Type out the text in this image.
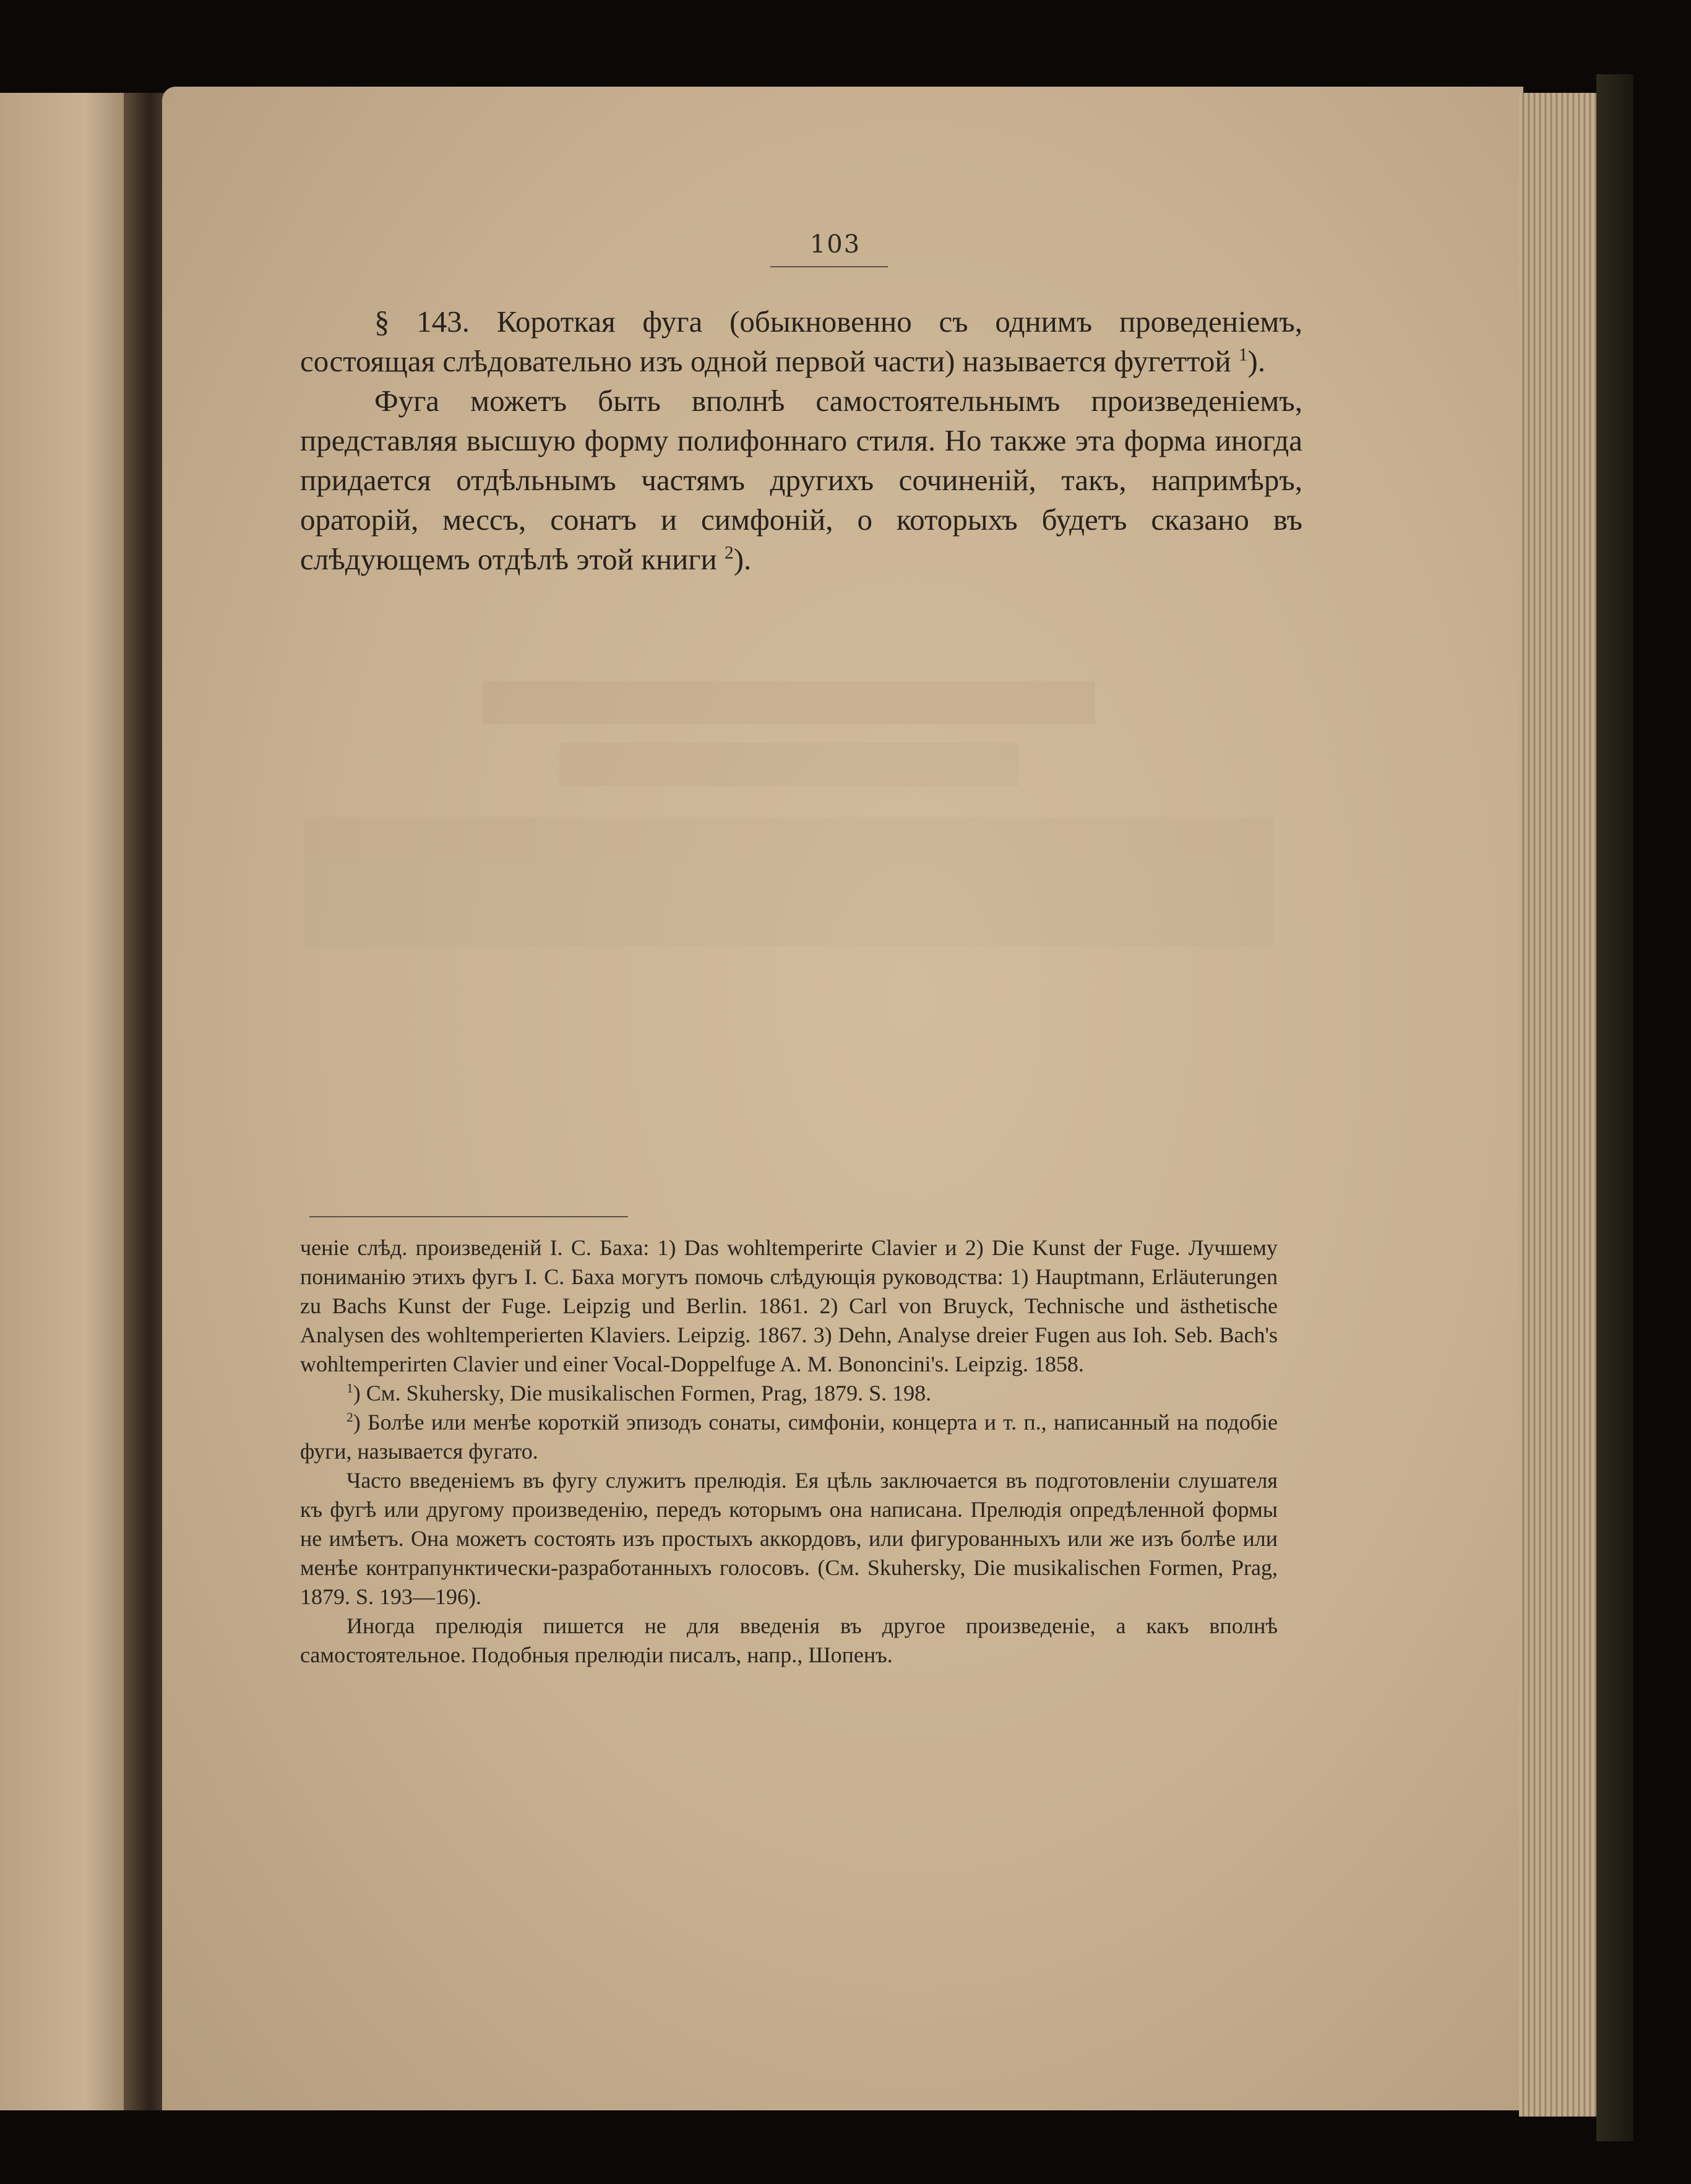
103

§ 143. Короткая фуга (обыкновенно съ однимъ проведенiемъ, состоящая слѣдовательно изъ одной первой части) называется фугеттой $^1$).

Фуга можетъ быть вполнѣ самостоятельнымъ произведенiемъ, представляя высшую форму полифоннаго стиля. Но также эта форма иногда придается отдѣльнымъ частямъ другихъ сочиненiй, такъ, напримѣръ, ораторiй, мессъ, сонатъ и симфонiй, о которыхъ будетъ сказано въ слѣдующемъ отдѣлѣ этой книги $^2$).

ченiе слѣд. произведенiй I. С. Баха: 1) Das wohltemperirte Clavier и 2) Die Kunst der Fuge. Лучшему пониманiю этихъ фугъ I. С. Баха могутъ помочь слѣдующiя руководства: 1) Hauptmann, Erläuterungen zu Bachs Kunst der Fuge. Leipzig und Berlin. 1861. 2) Carl von Bruyck, Technische und ästhetische Analysen des wohltemperierten Klaviers. Leipzig. 1867. 3) Dehn, Analyse dreier Fugen aus Ioh. Seb. Bach's wohltemperirten Clavier und einer Vocal-Doppelfuge A. M. Bononcini's. Leipzig. 1858.

$^1$) См. Skuhersky, Die musikalischen Formen, Prag, 1879. S. 198.

$^2$) Болѣе или менѣе короткiй эпизодъ сонаты, симфонiи, концерта и т. п., написанный на подобiе фуги, называется фугато.

Часто введенiемъ въ фугу служитъ прелюдiя. Ея цѣль заключается въ подготовленiи слушателя къ фугѣ или другому произведенiю, передъ которымъ она написана. Прелюдiя опредѣленной формы не имѣетъ. Она можетъ состоять изъ простыхъ аккордовъ, или фигурованныхъ или же изъ болѣе или менѣе контрапунктически-разработанныхъ голосовъ. (См. Skuhersky, Die musikalischen Formen, Prag, 1879. S. 193—196).

Иногда прелюдiя пишется не для введенiя въ другое произведенiе, а какъ вполнѣ самостоятельное. Подобныя прелюдiи писалъ, напр., Шопенъ.
